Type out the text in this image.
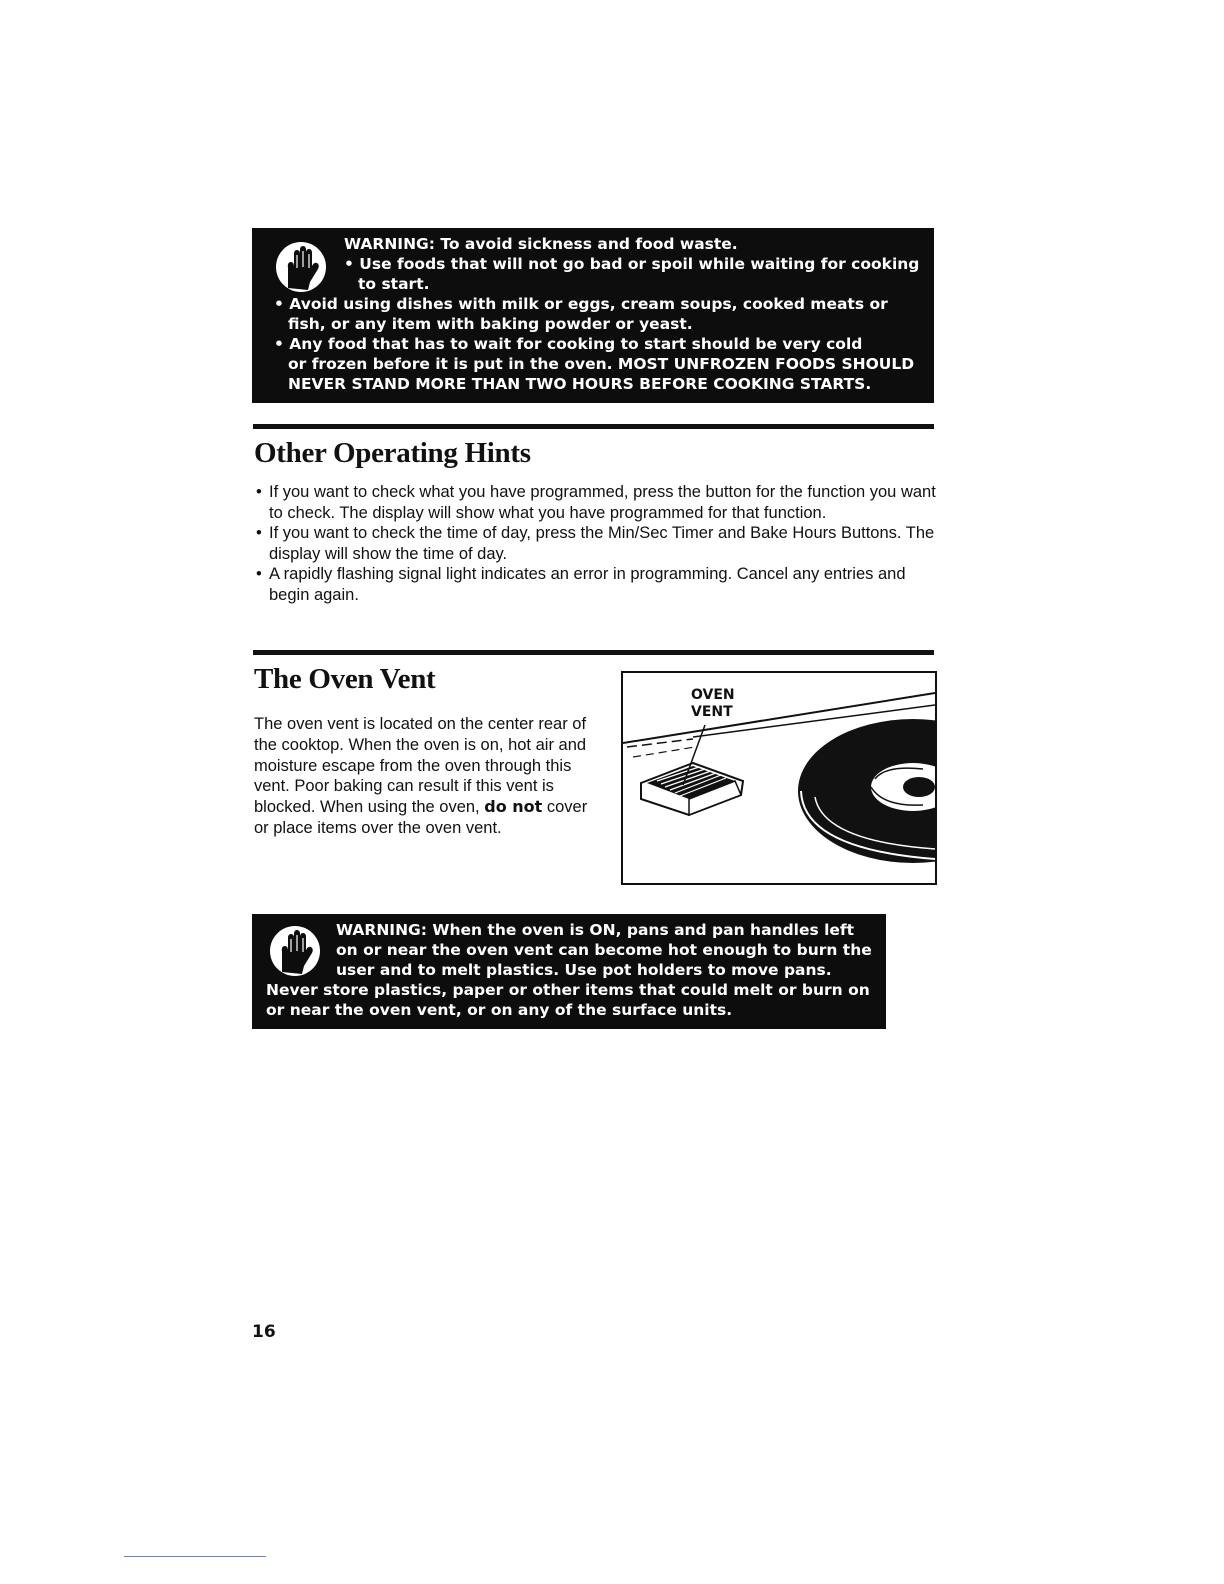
WARNING: To avoid sickness and food waste.
• Use foods that will not go bad or spoil while waiting for cooking
to start.
• Avoid using dishes with milk or eggs, cream soups, cooked meats or
fish, or any item with baking powder or yeast.
• Any food that has to wait for cooking to start should be very cold
or frozen before it is put in the oven. MOST UNFROZEN FOODS SHOULD
NEVER STAND MORE THAN TWO HOURS BEFORE COOKING STARTS.
Other Operating Hints
• If you want to check what you have programmed, press the button for the function you want to check. The display will show what you have programmed for that function.
• If you want to check the time of day, press the Min/Sec Timer and Bake Hours Buttons. The display will show the time of day.
• A rapidly flashing signal light indicates an error in programming. Cancel any entries and begin again.
The Oven Vent

The oven vent is located on the center rear of the cooktop. When the oven is on, hot air and moisture escape from the oven through this vent. Poor baking can result if this vent is blocked. When using the oven, do not cover or place items over the oven vent.

OVEN
VENT
WARNING: When the oven is ON, pans and pan handles left
on or near the oven vent can become hot enough to burn the
user and to melt plastics. Use pot holders to move pans.
Never store plastics, paper or other items that could melt or burn on
or near the oven vent, or on any of the surface units.
16
